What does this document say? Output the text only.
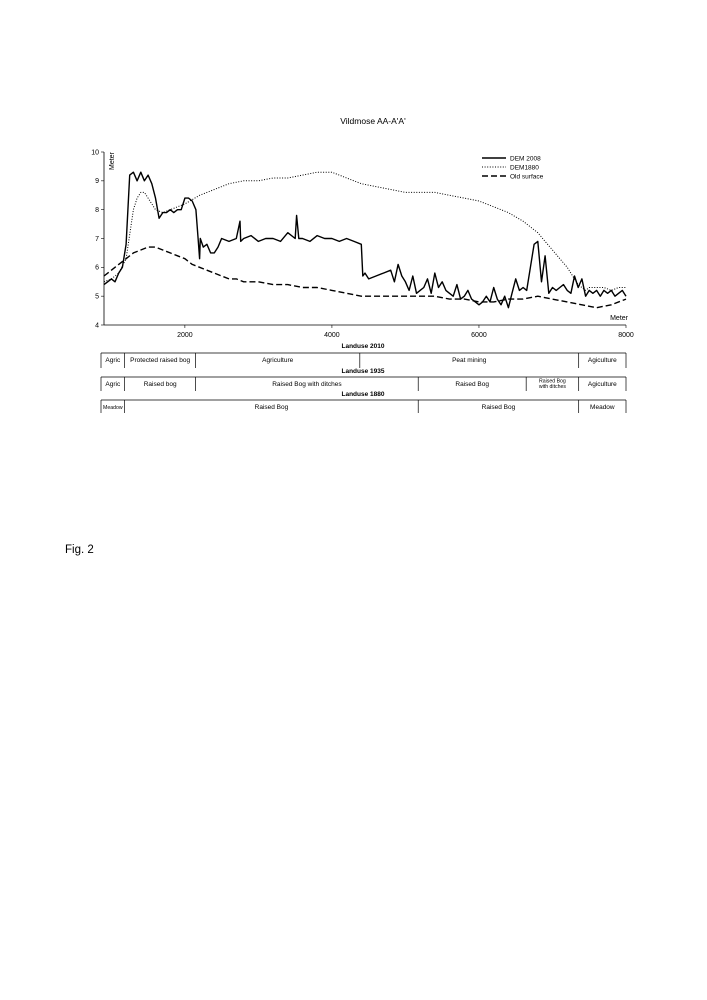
Vildmose AA-A'A'
4
5
6
7
8
9
10
2000	4000	6000	8000
Meter
Meter
DEM 2008
DEM1880
Old surface
Landuse 2010
Agric Protected raised bog	Agriculture	Peat mining	Agiculture
Landuse 1935
Agric	Raised bog	Raised Bog with ditches	Raised Bog	Raised Bog with ditches	Agiculture
Landuse 1880
Meadow	Raised Bog	Raised Bog	Meadow
Fig. 2
